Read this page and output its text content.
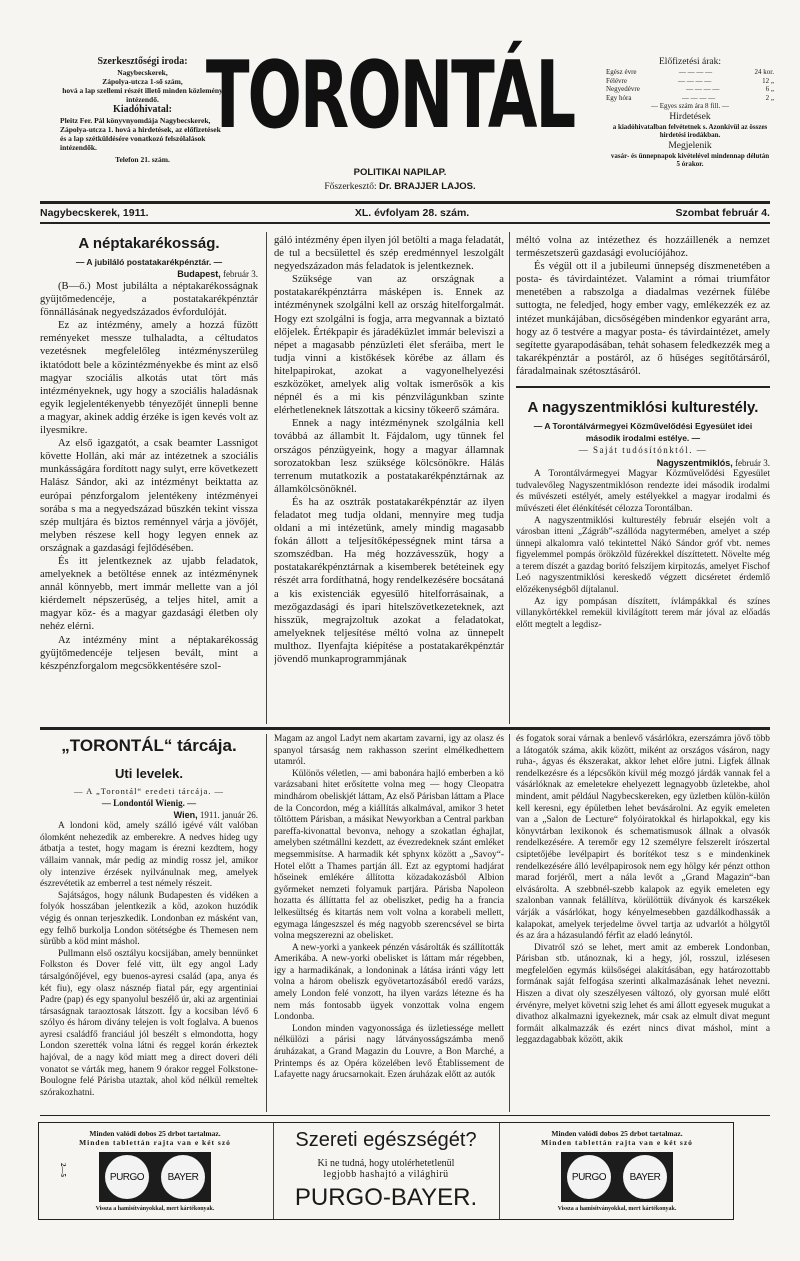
Szerkesztőségi iroda:
Nagybecskerek,
Zápolya-utcza 1-ső szám,
hová a lap szellemi részét illető minden közlemény intézendő.
Kiadóhivatal:
Pleitz Fer. Pál könyvnyomdája Nagybecskerek, Zápolya-utcza 1. hová a hirdetések, az előfizetések és a lap szétküldésére vonatkozó felszólalások intézendők.
Telefon 21. szám.
TORONTÁL
POLITIKAI NAPILAP.
Főszerkesztő: Dr. BRAJJER LAJOS.
Előfizetési árak:
Egész évre	— — — —	24 kor.
Félévre	— — — —	12 „
Negyedévre	— — — —	6 „
Egy hóra	— — — —	2 „
— Egyes szám ára 8 fill. —
Hirdetések
a kiadóhivatalban felvétetnek s. Azonkívül az összes hirdetési irodákban.
Megjelenik
vasár- és ünnepnapok kivételével mindennap délután 5 órakor.
Nagybecskerek, 1911.	XL. évfolyam 28. szám.	Szombat február 4.
A néptakarékosság.
— A jubiláló postatakarékpénztár. —
Budapest, február 3.

(B—ő.) Most jubilálta a néptakarékosságnak gyüjtőmedencéje, a postatakarékpénztár fönnállásának negyedszázados évfordulóját.

Ez az intézmény, amely a hozzá fűzött reményeket messze tulhaladta, a céltudatos vezetésnek megfelelőleg intézményszerüleg iktatódott bele a közintézményekbe és mint az első magyar szociális alkotás utat tört más intézményeknek, ugy hogy a szociális haladásnak egyik legjelentékenyebb tényezőjét ünnepli benne a magyar, akinek addig érzéke is igen kevés volt az ilyesmikre.

Az első igazgatót, a csak beamter Lassnigot követte Hollán, aki már az intézetnek a szociális munkásságára fordított nagy sulyt, erre következett Halász Sándor, aki az intézményt beiktatta az európai pénzforgalom jelentékeny intézményei sorába s ma a negyedszázad büszkén tekint vissza szép multjára és biztos reménnyel várja a jövőjét, melyben részese kell hogy legyen ennek az országnak a gazdasági fejlődésében.

És itt jelentkeznek az ujabb feladatok, amelyeknek a betöltése ennek az intézménynek annál könnyebb, mert immár mellette van a jól kiérdemelt népszerüség, a teljes hitel, amit a magyar köz- és a magyar gazdasági életben oly nehéz elérni.

Az intézmény mint a néptakarékosság gyüjtőmedencéje teljesen bevált, mint a készpénzforgalom megcsökkentésére szol-

gáló intézmény épen ilyen jól betölti a maga feladatát, de tul a becsülettel és szép eredménnyel leszolgált negyedszázadon más feladatok is jelentkeznek.

Szüksége van az országnak a postatakarékpénztárra másképen is. Ennek az intézménynek szolgálni kell az ország hitelforgalmát. Hogy ezt szolgálni is fogja, arra megvannak a biztató előjelek. Értékpapir és járadéküzlet immár beleviszi a népet a magasabb pénzüzleti élet sferáiba, mert le tudja vinni a kistőkések körébe az állam és hitelpapirokat, azokat a vagyonelhelyezési eszközöket, amelyek alig voltak ismerősök a kis népnél és a mi kis pénzvilágunkban szinte elérhetleneknek látszottak a kicsiny tőkeerő számára.

Ennek a nagy intézménynek szolgálnia kell továbbá az állambit lt. Fájdalom, ugy tünnek fel országos pénzügyeink, hogy a magyar államnak sorozatokban lesz szüksége kölcsönökre. Hálás terrenum mutatkozik a postatakarékpénztárnak az államkölcsönöknél.

És ha az osztrák postatakarékpénztár az ilyen feladatot meg tudja oldani, mennyire meg tudja oldani a mi intézetünk, amely mindig magasabb fokán állott a teljesítőképességnek mint társa a szomszédban. Ha még hozzávesszük, hogy a postatakarékpénztárnak a kisemberek betéteinek egy részét arra fordíthatná, hogy rendelkezésére bocsátaná a kis existenciák egyesülő hitelforrásainak, a mezőgazdasági és ipari hitelszövetkezeteknek, azt hisszük, megrajzoltuk azokat a feladatokat, amelyeknek teljesítése méltó volna az ünnepelt multhoz. Ilyenfajta kiépítése a postatakarékpénztár jövendő munkaprogrammjának

méltó volna az intézethez és hozzáillenék a nemzet természetszerü gazdasági evolucíójához.

És végül ott il a jubileumi ünnepség díszmenetében a posta- és távirdaintézet. Valamint a római triumfátor menetében a rabszolga a diadalmas vezérnek fülébe suttogta, ne feledjed, hogy ember vagy, emlékezzék ez az intézet munkájában, dicsőségében mindenkor egyaránt arra, hogy az ő testvére a magyar posta- és távirdaintézet, amely segítette gyarapodásában, tehát sohasem feledkezzék meg a takarékpénztár a postáról, az ő hűséges segítőtársáról, fáradalmainak szétosztásáról.

A nagyszentmiklósi kulturestély.
— A Torontálvármegyei Közművelődési Egyesület idei második irodalmi estélye. —
— Saját tudósítónktól. —
Nagyszentmiklós, február 3.

A Torontálvármegyei Magyar Közművelődési Egyesület tudvalevőleg Nagyszentmiklóson rendezte idei második irodalmi és művészeti estélyét, amely estélyekkel a magyar irodalmi és művészeti élet élénkítését célozza Torontálban.

A nagyszentmiklósi kulturestély február elsején volt a városban itteni „Zágráb”-szállóda nagytermében, amelyet a szép ünnepi alkalomra való tekintettel Nákó Sándor gróf vbt. nemes figyelemmel pompás örökzöld füzérekkel díszíttetett. Növelte még a terem díszét a gazdag borító felszíjem kirpitozás, amelyet Fischof Leó nagyszentmiklósi kereskedő végzett dicséretet érdemlő előzékenységből díjtalanul.

Az igy pompásan díszített, ívlámpákkal és színes villanykörtékkel remekül kivilágított terem már jóval az előadás előtt megtelt a legdisz-

„TORONTÁL“ tárcája.
Uti levelek.
— A „Torontál“ eredeti tárcája. —
— Londontól Wienig. —
Wien, 1911. január 26.

A londoni köd, amely szálló igévé vált valóban ólomként nehezedik az emberekre. A nedves hideg ugy átbatja a testet, hogy magam is érezni kezdtem, hogy vállaim vannak, már pedig az mindig rossz jel, amikor oly intenzive érzések nyilvánulnak meg, amelyek észrevétetik az emberrel a test némely részeit.

Sajátságos, hogy nálunk Budapesten és vidéken a folyók hosszában jelentkezik a köd, azokon huzódik végig és onnan terjeszkedik. Londonban ez másként van, egy felhő burkolja London sötétségbe és Themesen nem sürűbb a köd mint máshol.

Pullmann első osztályu kocsijában, amely bennünket Folkston és Dover felé vitt, ült egy angol Lady társalgónőjével, egy buenos-ayresi család (apa, anya és két fiu), egy olasz násznép fiatal pár, egy argentiniai Padre (pap) és egy spanyolul beszélő úr, aki az argentiniai társaságnak taraoztosak látszott. Így a kocsiban lévő 6 szólyo és három divány telejen is volt foglalva. A buenos ayresi családfő franciául jól beszélt s elmondotta, hogy London szerették volna látni és reggel korán érkeztek hajóval, de a nagy köd miatt meg a direct doveri déli vonatot se várták meg, hanem 9 órakor reggel Folkstone-Boulogne felé Párisba utaztak, ahol köd nélkül remeltek szórakozhatni.

Magam az angol Ladyt nem akartam zavarni, igy az olasz és spanyol társaság nem rakhasson szerint elmélkedhettem utamról.

Különös véletlen, — ami babonára hajló emberben a kö varázsabani hitet erősítette volna meg — hogy Cleopatra mindhárom obeliskjét láttam, Az első Párisban láttam a Place de la Concordon, még a kiállítás alkalmával, amikor 3 hetet töltöttem Párisban, a másikat Newyorkban a Central parkban pareffa-kivonattal bevonva, nehogy a szokatlan éghajlat, amelyben szétmállni kezdett, az évezredeknek szánt emléket megsemmisítse. A harmadik két sphynx között a „Savoy“-Hotel előtt a Thames partján áll. Ezt az egyptomi hadjárat hőseinek emlékére állította közadakozásból Albion győrmeket nemzeti folyamuk partjára. Párisba Napoleon hozatta és állíttatta fel az obeliszket, pedig ha a francia lelkesültség és kitartás nem volt volna a korabeli mellett, egymaga lángeszszel és még nagyobb szerencsével se birta volna megszerezni az obelisket.

A new-yorki a yankeek pénzén vásárolták és szállították Amerikába. A new-yorki obelisket is láttam már régebben, igy a harmadikának, a londoninak a látása iránti vágy lett volna a három obeliszk egyövetartozásából eredő varázs, amely London felé vonzott, ha ilyen varázs létezne és ha nem más fontosabb ügyek vonzottak volna engem Londonba.

London minden vagyonossága és üzletiessége mellett nélkülözi a párisi nagy látványosságszámba menő áruházakat, a Grand Magazin du Louvre, a Bon Marché, a Printemps és az Opéra közelében levő Établissement de Lafayette nagy árucsarnokait. Ezen áruházak előtt az autók

és fogatok sorai várnak a benlevő vásárlókra, ezerszámra jövő több a látogatók száma, akik között, miként az országos vásáron, nagy ruha-, ágyas és ékszerakat, akkor lehet előre jutni. Ligfek állnak rendelkezésre és a lépcsőkön kívül még mozgó járdák vannak fel a vásárlóknak az emeletekre ehelyezett legnagyobb üzletekbe, ahol mindent, amit például Nagybecskereken, egy üzletben külön-külön kell keresni, egy épületben lehet bevásárolni. Az egyik emeleten van a „Salon de Lecture“ folyóiratokkal és hirlapokkal, egy kis könyvtárban lexikonok és schematismusok állnak a olvasók rendelkezésére. A teremőr egy 12 személyre felszerelt írószertal csiptetőjébe levélpapirt és borítékot tesz s e mindenkinek rendelkezésére álló levélpapirosok nem egy hölgy kér pénzt otthon marad forjéről, mert a nála levőt a „Grand Magazin“-ban elvásárolta. A szebbnél-szebb kalapok az egyik emeleten egy szalonban vannak felállítva, körülöttük díványok és karszékek várják a vásárlókat, hogy kényelmesebben gazdálkodhassák a kalapokat, amelyek terjedelme övvel tartja az udvarlót a hölgytől és az ára a házasulandó férfit az eladó leánytól.

Divatról szó se lehet, mert amit az emberek Londonban, Párisban stb. utánoznak, ki a hegy, jól, rosszul, izlésesen megfelelően egymás külsőségei alakításában, egy határozottabb formának saját felfogása szerinti alkalmazásának lehet nevezni. Hiszen a divat oly szeszélyesen változó, oly gyorsan mulé előtt érvényre, melyet követni szig lehet és ami állott egyesek mugukat a divathoz alkalmazni igyekeznek, már csak az elmult divat megunt formáit alkalmazzák és ezért nincs divat máshol, mint a leggazdagabbak között, akik

Minden valódi dobos 25 drbot tartalmaz.
Minden tablettán rajta van e két szó
2—5	PURGO	BAYER
Vissza a hamisítványokkal, mert kártékonyak.
Szereti egészségét?
Ki ne tudná, hogy utolérhetetlenül
legjobb hashajtó a világhirü
PURGO-BAYER.
Minden valódi dobos 25 drbot tartalmaz.
Minden tablettán rajta van e két szó
PURGO	BAYER
Vissza a hamisítványokkal, mert kártékonyak.
